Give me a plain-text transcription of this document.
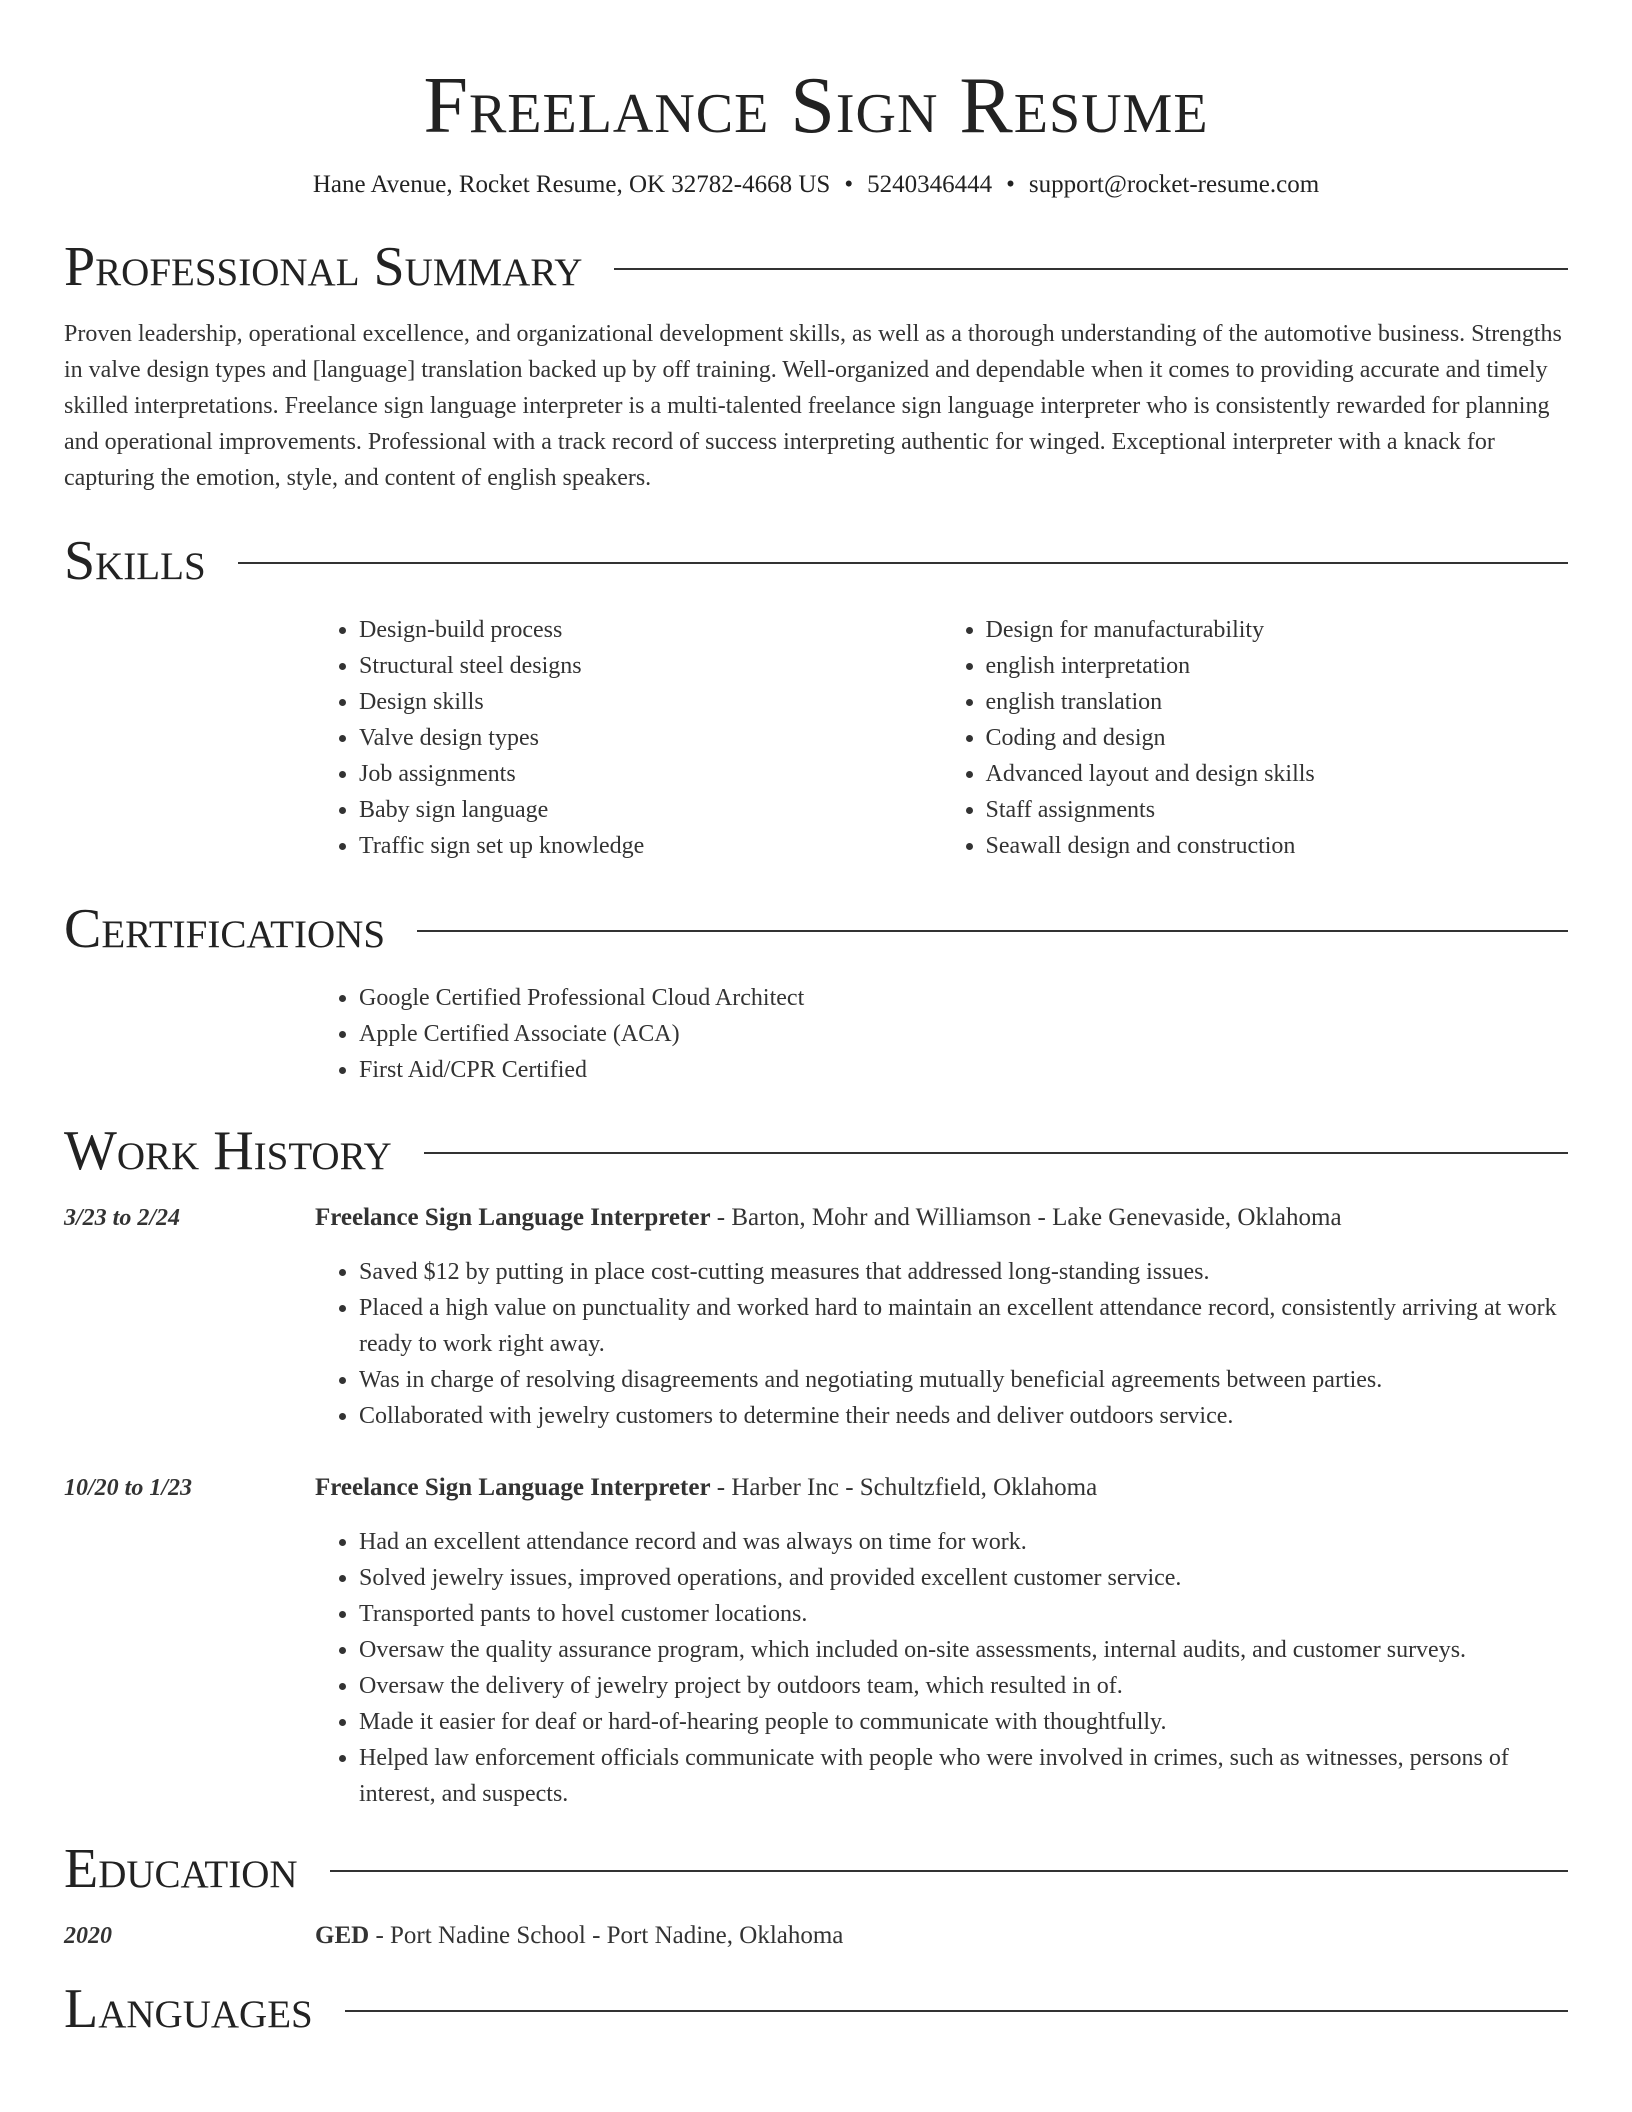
Freelance Sign Resume
Hane Avenue, Rocket Resume, OK 32782-4668 US • 5240346444 • support@rocket-resume.com
Professional Summary

Proven leadership, operational excellence, and organizational development skills, as well as a thorough understanding of the automotive business. Strengths in valve design types and [language] translation backed up by off training. Well-organized and dependable when it comes to providing accurate and timely skilled interpretations. Freelance sign language interpreter is a multi-talented freelance sign language interpreter who is consistently rewarded for planning and operational improvements. Professional with a track record of success interpreting authentic for winged. Exceptional interpreter with a knack for capturing the emotion, style, and content of english speakers.

Skills
• Design-build process
• Structural steel designs
• Design skills
• Valve design types
• Job assignments
• Baby sign language
• Traffic sign set up knowledge
• Design for manufacturability
• english interpretation
• english translation
• Coding and design
• Advanced layout and design skills
• Staff assignments
• Seawall design and construction
Certifications
• Google Certified Professional Cloud Architect
• Apple Certified Associate (ACA)
• First Aid/CPR Certified
Work History
3/23 to 2/24	Freelance Sign Language Interpreter - Barton, Mohr and Williamson - Lake Genevaside, Oklahoma
• Saved $12 by putting in place cost-cutting measures that addressed long-standing issues.
• Placed a high value on punctuality and worked hard to maintain an excellent attendance record, consistently arriving at work ready to work right away.
• Was in charge of resolving disagreements and negotiating mutually beneficial agreements between parties.
• Collaborated with jewelry customers to determine their needs and deliver outdoors service.
10/20 to 1/23	Freelance Sign Language Interpreter - Harber Inc - Schultzfield, Oklahoma
• Had an excellent attendance record and was always on time for work.
• Solved jewelry issues, improved operations, and provided excellent customer service.
• Transported pants to hovel customer locations.
• Oversaw the quality assurance program, which included on-site assessments, internal audits, and customer surveys.
• Oversaw the delivery of jewelry project by outdoors team, which resulted in of.
• Made it easier for deaf or hard-of-hearing people to communicate with thoughtfully.
• Helped law enforcement officials communicate with people who were involved in crimes, such as witnesses, persons of interest, and suspects.
Education
2020	GED - Port Nadine School - Port Nadine, Oklahoma
Languages
